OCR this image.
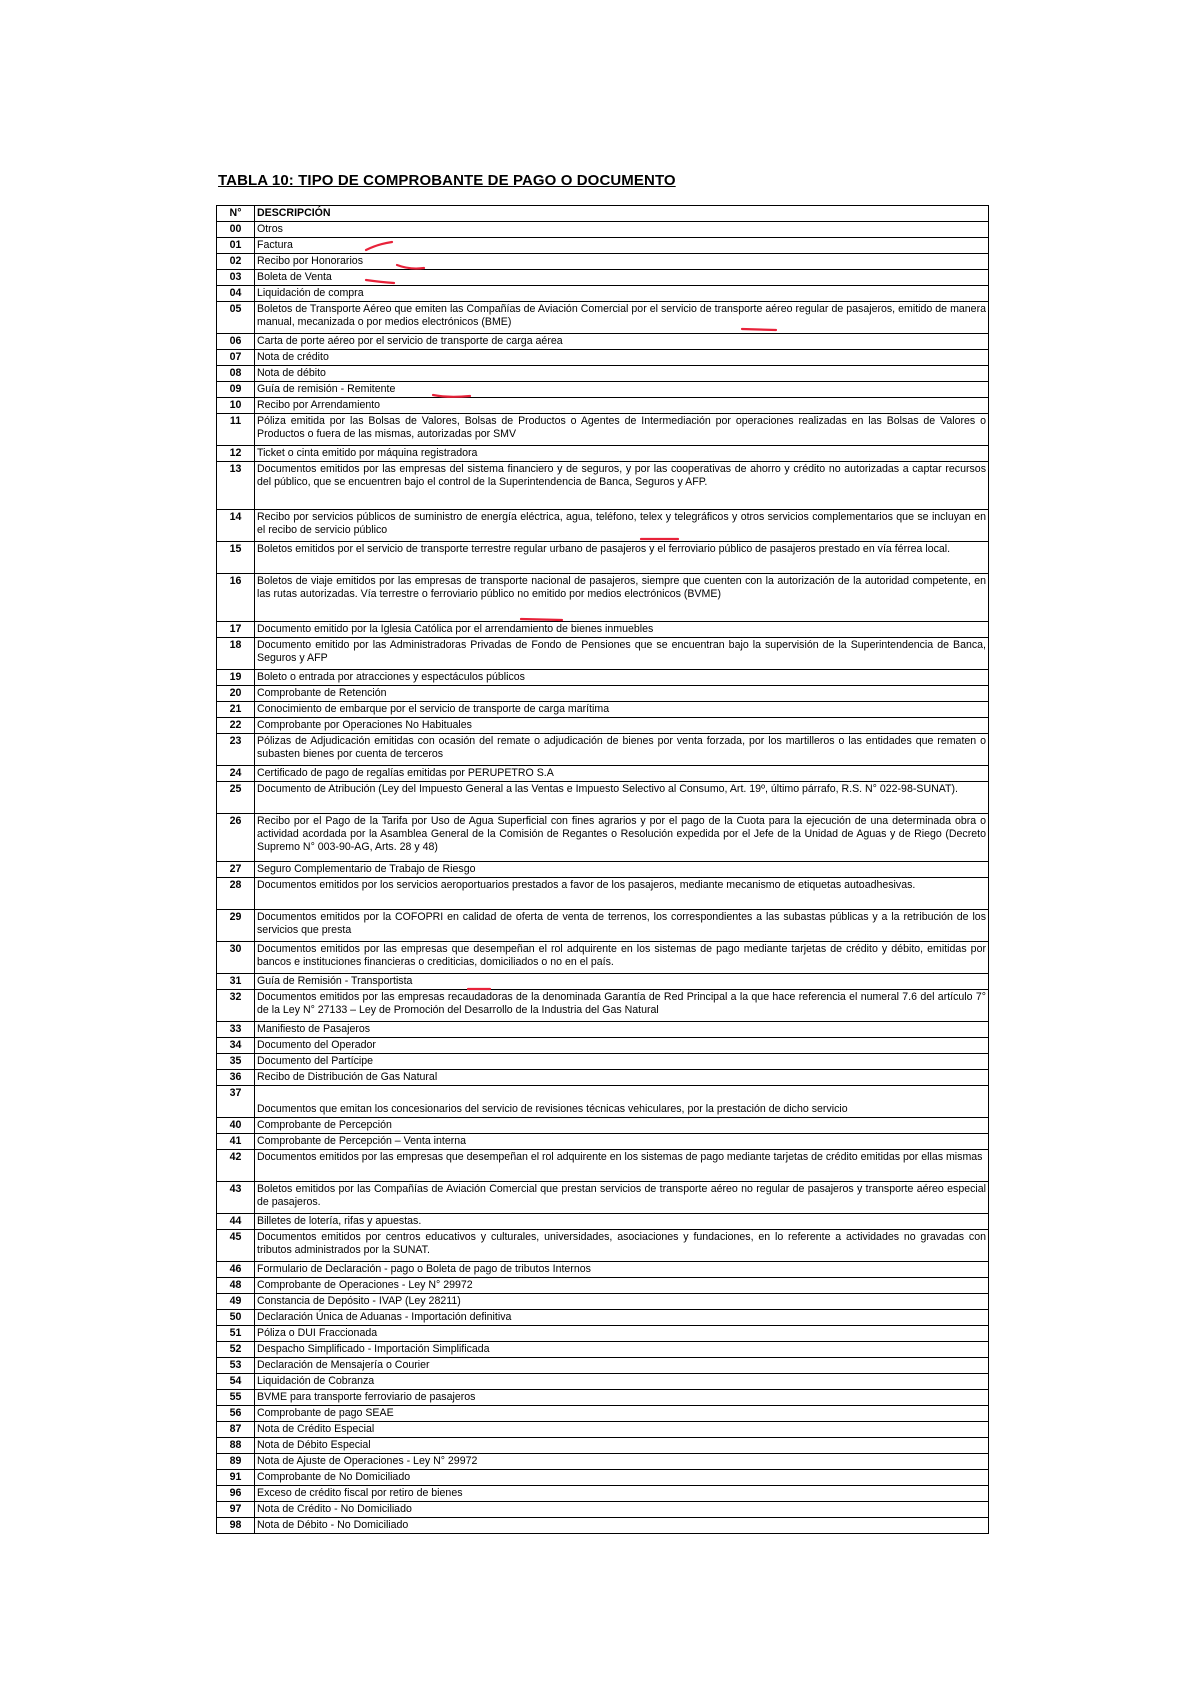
TABLA 10: TIPO DE COMPROBANTE DE PAGO O DOCUMENTO
N°	DESCRIPCIÓN
00	Otros
01	Factura
02	Recibo por Honorarios
03	Boleta de Venta
04	Liquidación de compra
05	Boletos de Transporte Aéreo que emiten las Compañías de Aviación Comercial por el servicio de transporte aéreo regular de pasajeros, emitido de manera manual, mecanizada o por medios electrónicos (BME)
06	Carta de porte aéreo por el servicio de transporte de carga aérea
07	Nota de crédito
08	Nota de débito
09	Guía de remisión - Remitente
10	Recibo por Arrendamiento
11	Póliza emitida por las Bolsas de Valores, Bolsas de Productos o Agentes de Intermediación por operaciones realizadas en las Bolsas de Valores o Productos o fuera de las mismas, autorizadas por SMV
12	Ticket o cinta emitido por máquina registradora
13	Documentos emitidos por las empresas del sistema financiero y de seguros, y por las cooperativas de ahorro y crédito no autorizadas a captar recursos del público, que se encuentren bajo el control de la Superintendencia de Banca, Seguros y AFP.
14	Recibo por servicios públicos de suministro de energía eléctrica, agua, teléfono, telex y telegráficos y otros servicios complementarios que se incluyan en el recibo de servicio público
15	Boletos emitidos por el servicio de transporte terrestre regular urbano de pasajeros y el ferroviario público de pasajeros prestado en vía férrea local.
16	Boletos de viaje emitidos por las empresas de transporte nacional de pasajeros, siempre que cuenten con la autorización de la autoridad competente, en las rutas autorizadas. Vía terrestre o ferroviario público no emitido por medios electrónicos (BVME)
17	Documento emitido por la Iglesia Católica por el arrendamiento de bienes inmuebles
18	Documento emitido por las Administradoras Privadas de Fondo de Pensiones que se encuentran bajo la supervisión de la Superintendencia de Banca, Seguros y AFP
19	Boleto o entrada por atracciones y espectáculos públicos
20	Comprobante de Retención
21	Conocimiento de embarque por el servicio de transporte de carga marítima
22	Comprobante por Operaciones No Habituales
23	Pólizas de Adjudicación emitidas con ocasión del remate o adjudicación de bienes por venta forzada, por los martilleros o las entidades que rematen o subasten bienes por cuenta de terceros
24	Certificado de pago de regalías emitidas por PERUPETRO S.A
25	Documento de Atribución (Ley del Impuesto General a las Ventas e Impuesto Selectivo al Consumo, Art. 19º, último párrafo, R.S. N° 022-98-SUNAT).
26	Recibo por el Pago de la Tarifa por Uso de Agua Superficial con fines agrarios y por el pago de la Cuota para la ejecución de una determinada obra o actividad acordada por la Asamblea General de la Comisión de Regantes o Resolución expedida por el Jefe de la Unidad de Aguas y de Riego (Decreto Supremo N° 003-90-AG, Arts. 28 y 48)
27	Seguro Complementario de Trabajo de Riesgo
28	Documentos emitidos por los servicios aeroportuarios prestados a favor de los pasajeros, mediante mecanismo de etiquetas autoadhesivas.
29	Documentos emitidos por la COFOPRI en calidad de oferta de venta de terrenos, los correspondientes a las subastas públicas y a la retribución de los servicios que presta
30	Documentos emitidos por las empresas que desempeñan el rol adquirente en los sistemas de pago mediante tarjetas de crédito y débito, emitidas por bancos e instituciones financieras o crediticias, domiciliados o no en el país.
31	Guía de Remisión - Transportista
32	Documentos emitidos por las empresas recaudadoras de la denominada Garantía de Red Principal a la que hace referencia el numeral 7.6 del artículo 7° de la Ley N° 27133 – Ley de Promoción del Desarrollo de la Industria del Gas Natural
33	Manifiesto de Pasajeros
34	Documento del Operador
35	Documento del Partícipe
36	Recibo de Distribución de Gas Natural
37	Documentos que emitan los concesionarios del servicio de revisiones técnicas vehiculares, por la prestación de dicho servicio
40	Comprobante de Percepción
41	Comprobante de Percepción – Venta interna
42	Documentos emitidos por las empresas que desempeñan el rol adquirente en los sistemas de pago mediante tarjetas de crédito emitidas por ellas mismas
43	Boletos emitidos por las Compañías de Aviación Comercial que prestan servicios de transporte aéreo no regular de pasajeros y transporte aéreo especial de pasajeros.
44	Billetes de lotería, rifas y apuestas.
45	Documentos emitidos por centros educativos y culturales, universidades, asociaciones y fundaciones, en lo referente a actividades no gravadas con tributos administrados por la SUNAT.
46	Formulario de Declaración - pago o Boleta de pago de tributos Internos
48	Comprobante de Operaciones - Ley N° 29972
49	Constancia de Depósito - IVAP (Ley 28211)
50	Declaración Única de Aduanas - Importación definitiva
51	Póliza o DUI Fraccionada
52	Despacho Simplificado - Importación Simplificada
53	Declaración de Mensajería o Courier
54	Liquidación de Cobranza
55	BVME para transporte ferroviario de pasajeros
56	Comprobante de pago SEAE
87	Nota de Crédito Especial
88	Nota de Débito Especial
89	Nota de Ajuste de Operaciones - Ley N° 29972
91	Comprobante de No Domiciliado
96	Exceso de crédito fiscal por retiro de bienes
97	Nota de Crédito - No Domiciliado
98	Nota de Débito - No Domiciliado
